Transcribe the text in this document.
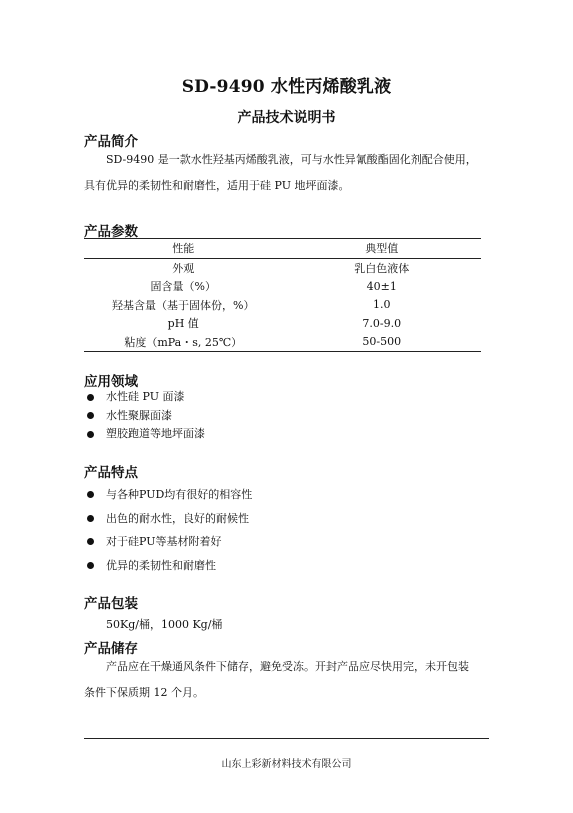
SD-9490 水性丙烯酸乳液
产品技术说明书
产品简介
SD-9490 是一款水性羟基丙烯酸乳液，可与水性异氰酸酯固化剂配合使用，
具有优异的柔韧性和耐磨性，适用于硅 PU 地坪面漆。
产品参数
性能	典型值
外观	乳白色液体
固含量（%）	40±1
羟基含量（基于固体份，%）	1.0
pH 值	7.0-9.0
粘度（mPa・s, 25℃）	50-500
应用领域
水性硅 PU 面漆
水性聚脲面漆
塑胶跑道等地坪面漆
产品特点
与各种PUD均有很好的相容性
出色的耐水性，良好的耐候性
对于硅PU等基材附着好
优异的柔韧性和耐磨性
产品包装
50Kg/桶，1000 Kg/桶
产品储存
产品应在干燥通风条件下储存，避免受冻。开封产品应尽快用完，未开包装
条件下保质期 12 个月。
山东上彩新材料技术有限公司
